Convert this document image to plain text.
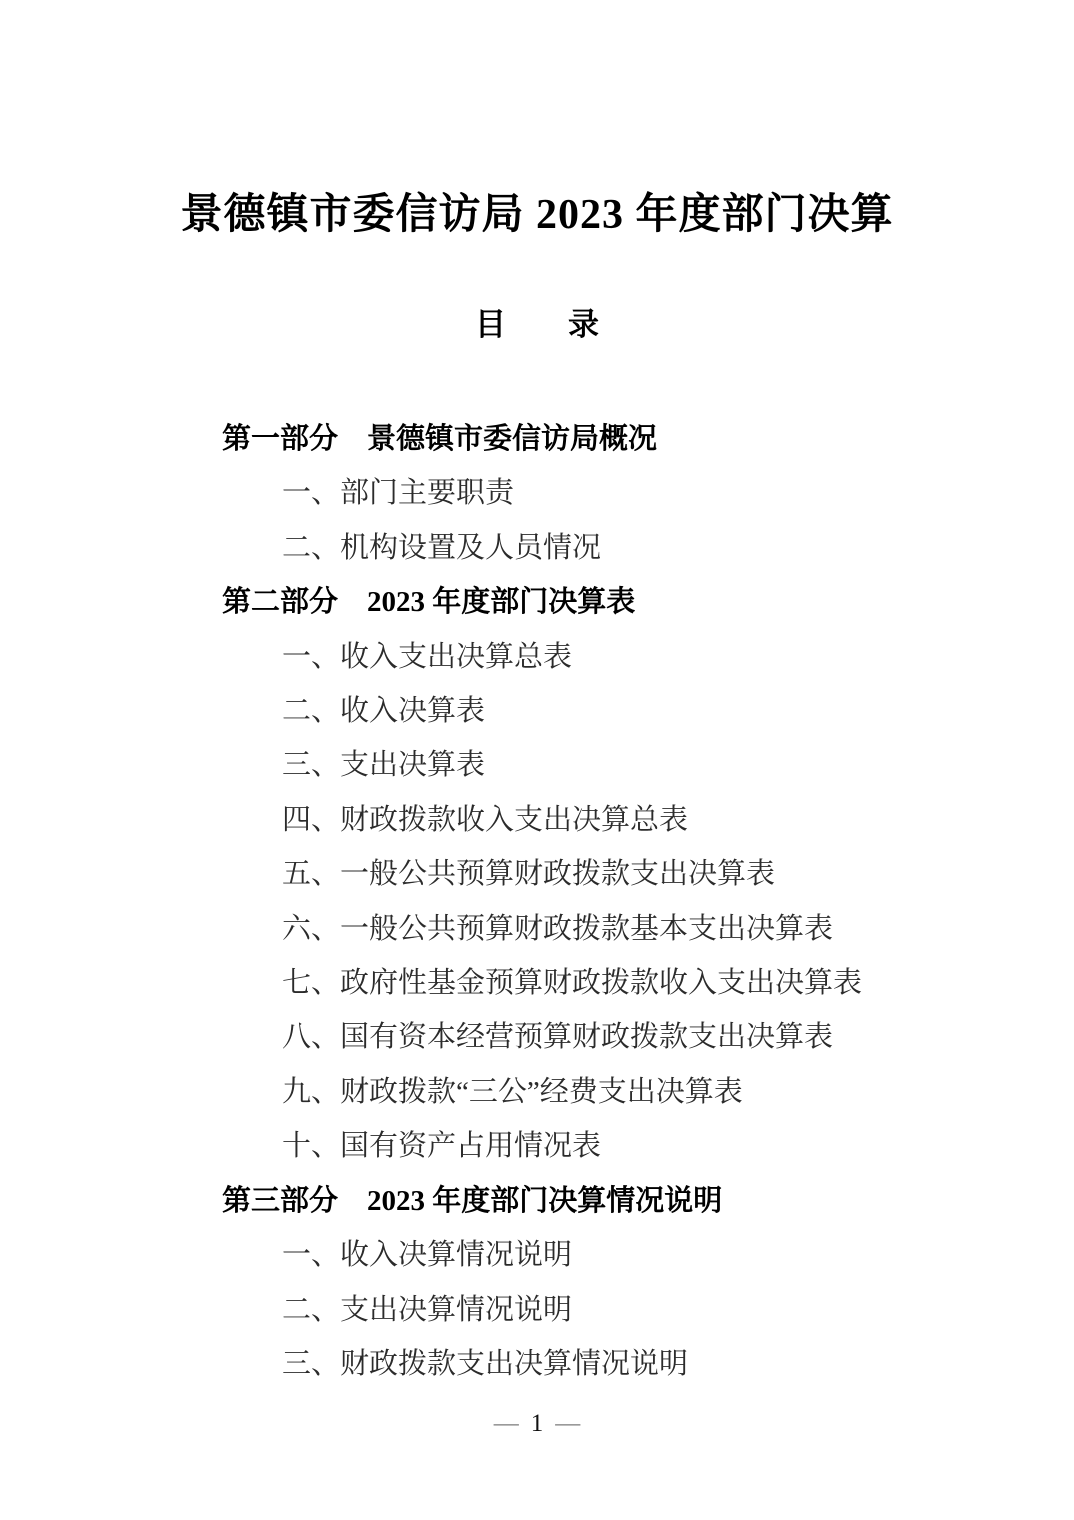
景德镇市委信访局 2023 年度部门决算
目　　录
第一部分　景德镇市委信访局概况
一、部门主要职责
二、机构设置及人员情况
第二部分　2023 年度部门决算表
一、收入支出决算总表
二、收入决算表
三、支出决算表
四、财政拨款收入支出决算总表
五、一般公共预算财政拨款支出决算表
六、一般公共预算财政拨款基本支出决算表
七、政府性基金预算财政拨款收入支出决算表
八、国有资本经营预算财政拨款支出决算表
九、财政拨款“三公”经费支出决算表
十、国有资产占用情况表
第三部分　2023 年度部门决算情况说明
一、收入决算情况说明
二、支出决算情况说明
三、财政拨款支出决算情况说明
— 1 —
